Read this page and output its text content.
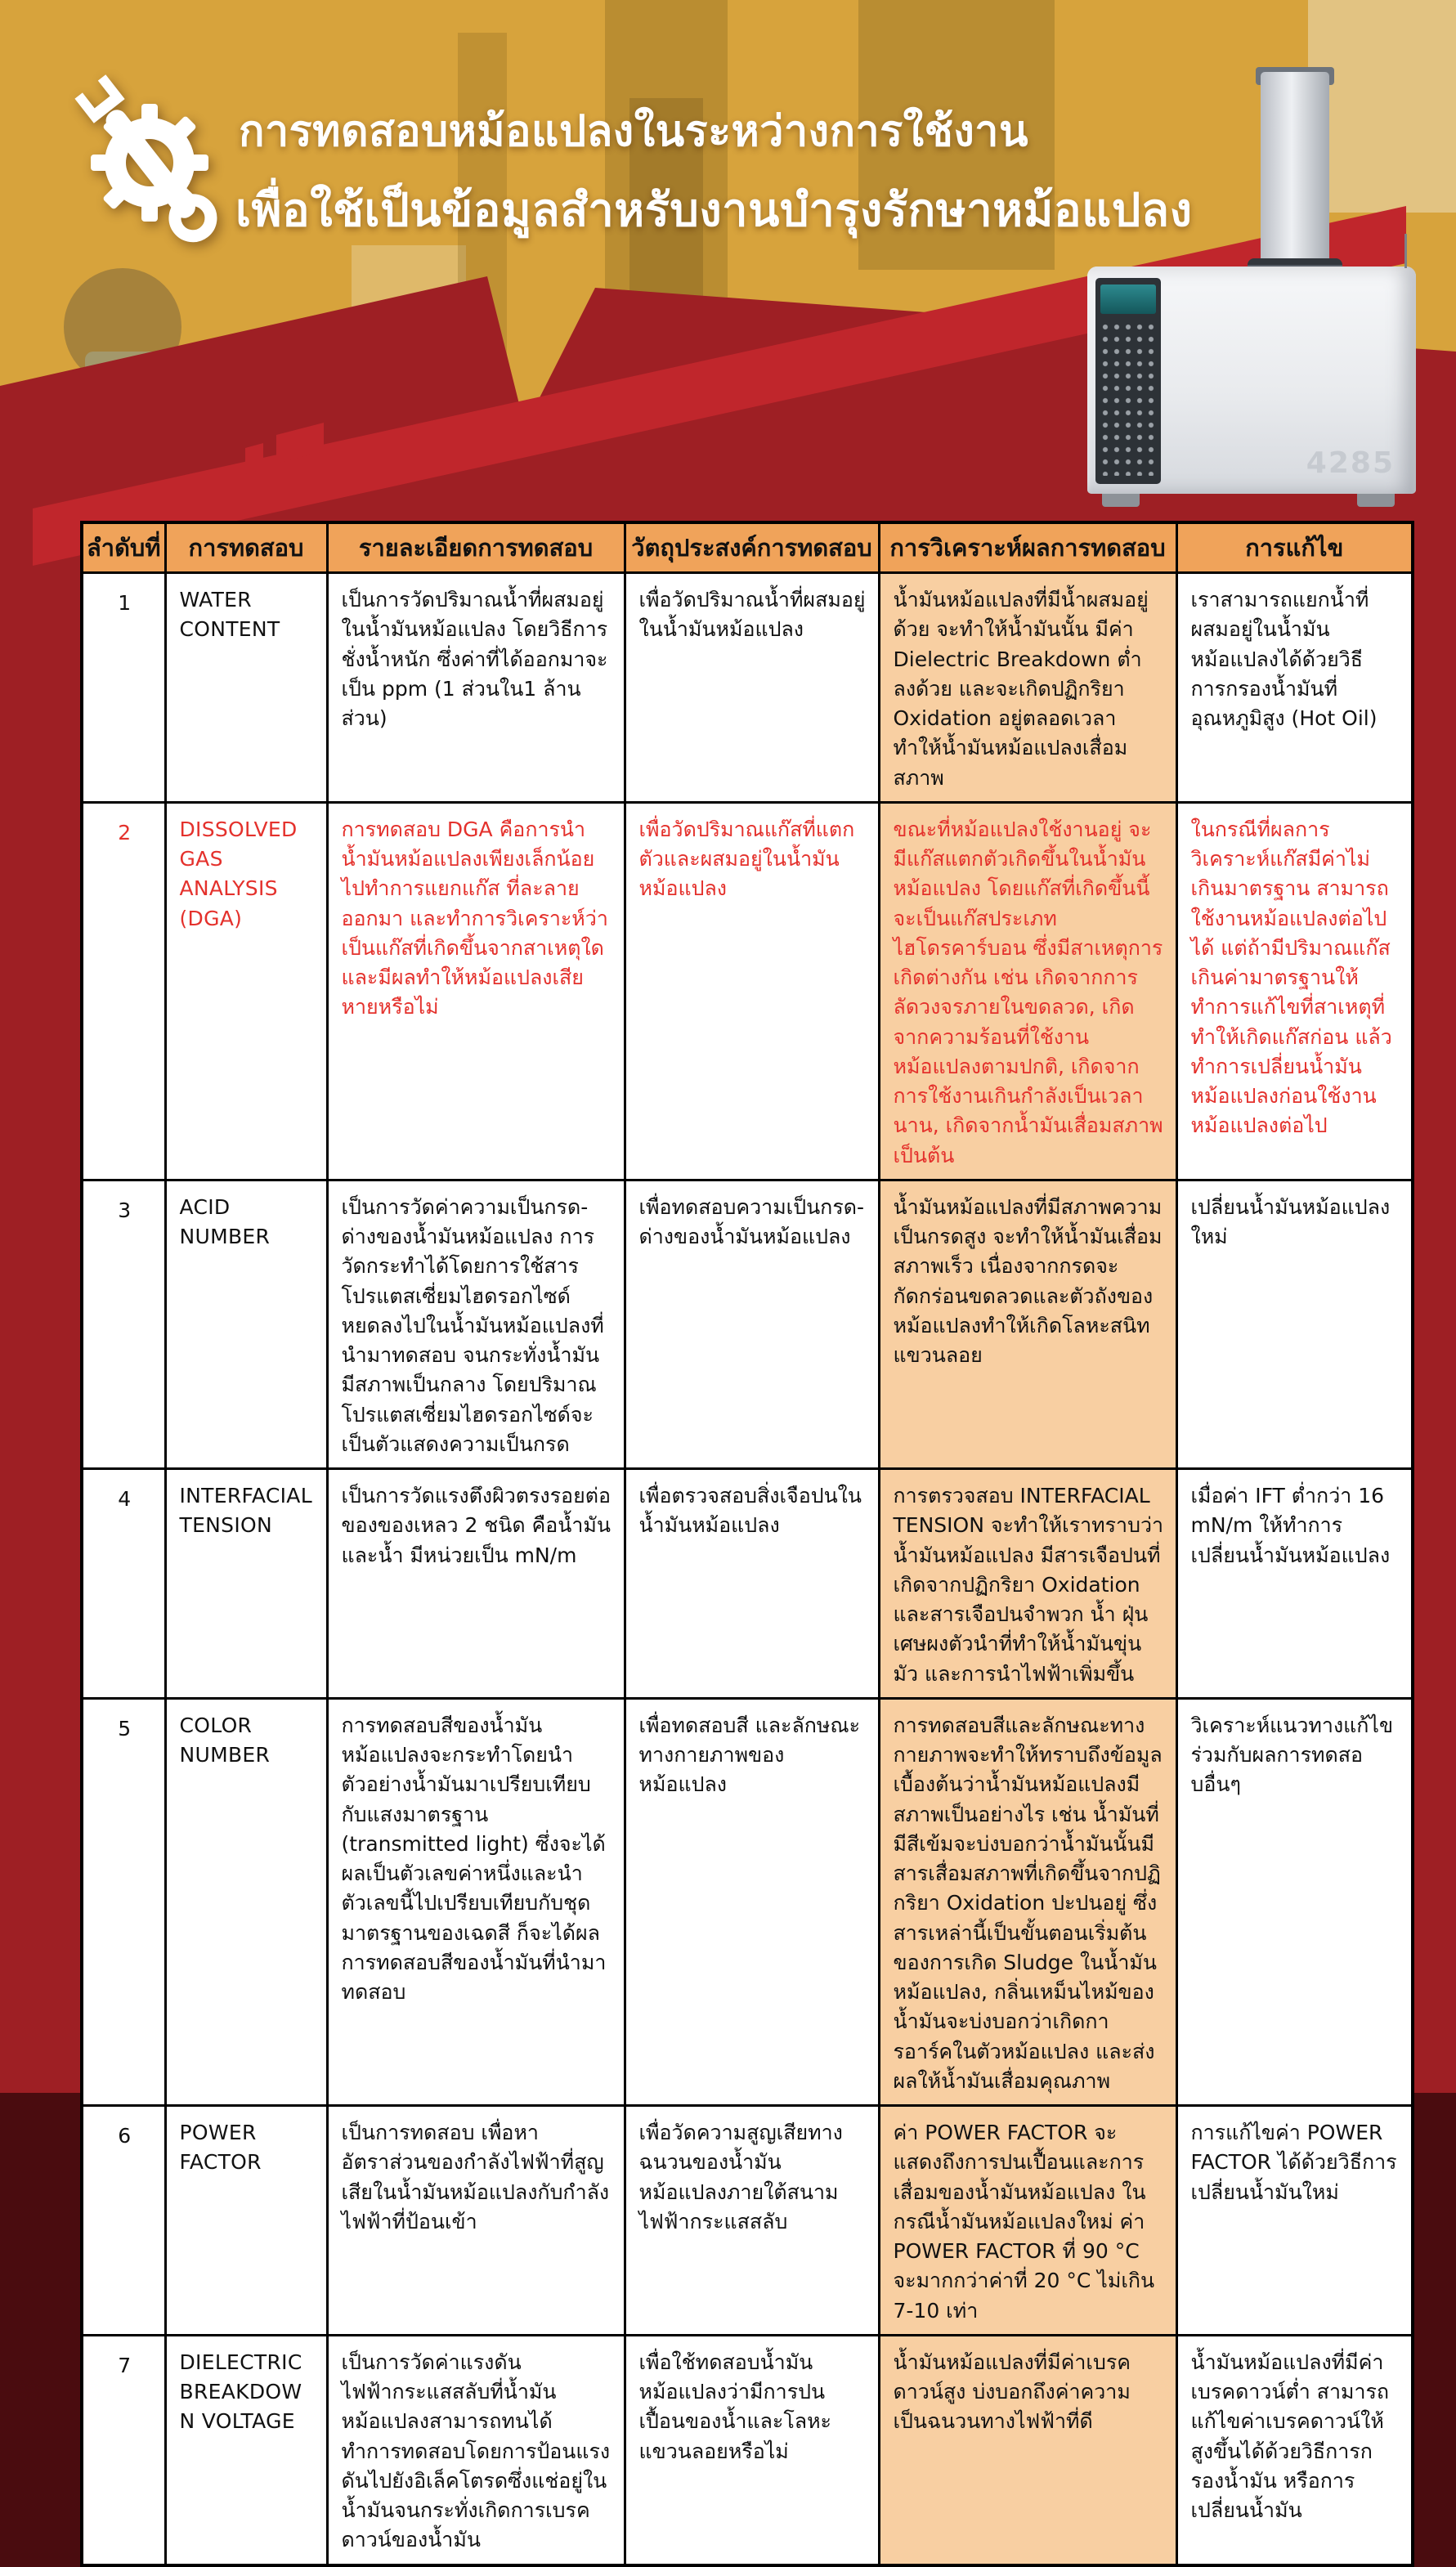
การทดสอบหม้อแปลงในระหว่างการใช้งาน
เพื่อใช้เป็นข้อมูลสำหรับงานบำรุงรักษาหม้อแปลง
4285
ลำดับที่	การทดสอบ	รายละเอียดการทดสอบ	วัตถุประสงค์การทดสอบ	การวิเคราะห์ผลการทดสอบ	การแก้ไข
1	WATER CONTENT	เป็นการวัดปริมาณน้ำที่ผสมอยู่ในน้ำมันหม้อแปลง โดยวิธีการชั่งน้ำหนัก ซึ่งค่าที่ได้ออกมาจะเป็น ppm (1 ส่วนใน1 ล้านส่วน)	เพื่อวัดปริมาณน้ำที่ผสมอยู่ในน้ำมันหม้อแปลง	น้ำมันหม้อแปลงที่มีน้ำผสมอยู่ด้วย จะทำให้น้ำมันนั้น มีค่า Dielectric Breakdown ต่ำลงด้วย และจะเกิดปฏิกริยา Oxidation อยู่ตลอดเวลา ทำให้น้ำมันหม้อแปลงเสื่อมสภาพ	เราสามารถแยกน้ำที่ผสมอยู่ในน้ำมันหม้อแปลงได้ด้วยวิธีการกรองน้ำมันที่อุณหภูมิสูง (Hot Oil)
2	DISSOLVED GAS ANALYSIS (DGA)	การทดสอบ DGA คือการนำน้ำมันหม้อแปลงเพียงเล็กน้อย ไปทำการแยกแก๊ส ที่ละลายออกมา และทำการวิเคราะห์ว่าเป็นแก๊สที่เกิดขึ้นจากสาเหตุใด และมีผลทำให้หม้อแปลงเสียหายหรือไม่	เพื่อวัดปริมาณแก๊สที่แตกตัวและผสมอยู่ในน้ำมันหม้อแปลง	ขณะที่หม้อแปลงใช้งานอยู่ จะมีแก๊สแตกตัวเกิดขึ้นในน้ำมันหม้อแปลง โดยแก๊สที่เกิดขึ้นนี้ จะเป็นแก๊สประเภทไฮโดรคาร์บอน ซึ่งมีสาเหตุการเกิดต่างกัน เช่น เกิดจากการลัดวงจรภายในขดลวด, เกิดจากความร้อนที่ใช้งานหม้อแปลงตามปกติ, เกิดจากการใช้งานเกินกำลังเป็นเวลานาน, เกิดจากน้ำมันเสื่อมสภาพ เป็นต้น	ในกรณีที่ผลการวิเคราะห์แก๊สมีค่าไม่เกินมาตรฐาน สามารถใช้งานหม้อแปลงต่อไปได้ แต่ถ้ามีปริมาณแก๊สเกินค่ามาตรฐานให้ทำการแก้ไขที่สาเหตุที่ทำให้เกิดแก๊สก่อน แล้วทำการเปลี่ยนน้ำมันหม้อแปลงก่อนใช้งานหม้อแปลงต่อไป
3	ACID NUMBER	เป็นการวัดค่าความเป็นกรด-ด่างของน้ำมันหม้อแปลง การวัดกระทำได้โดยการใช้สารโปรแตสเซี่ยมไฮดรอกไซด์ หยดลงไปในน้ำมันหม้อแปลงที่นำมาทดสอบ จนกระทั่งน้ำมันมีสภาพเป็นกลาง โดยปริมาณโปรแตสเซี่ยมไฮดรอกไซด์จะเป็นตัวแสดงความเป็นกรด	เพื่อทดสอบความเป็นกรด-ด่างของน้ำมันหม้อแปลง	น้ำมันหม้อแปลงที่มีสภาพความเป็นกรดสูง จะทำให้น้ำมันเสื่อมสภาพเร็ว เนื่องจากกรดจะกัดกร่อนขดลวดและตัวถังของหม้อแปลงทำให้เกิดโลหะสนิทแขวนลอย	เปลี่ยนน้ำมันหม้อแปลงใหม่
4	INTERFACIAL TENSION	เป็นการวัดแรงตึงผิวตรงรอยต่อของของเหลว 2 ชนิด คือน้ำมันและน้ำ มีหน่วยเป็น mN/m	เพื่อตรวจสอบสิ่งเจือปนในน้ำมันหม้อแปลง	การตรวจสอบ INTERFACIAL TENSION จะทำให้เราทราบว่าน้ำมันหม้อแปลง มีสารเจือปนที่เกิดจากปฏิกริยา Oxidation และสารเจือปนจำพวก น้ำ ฝุ่น เศษผงตัวนำที่ทำให้น้ำมันขุ่นมัว และการนำไฟฟ้าเพิ่มขึ้น	เมื่อค่า IFT ต่ำกว่า 16 mN/m ให้ทำการเปลี่ยนน้ำมันหม้อแปลง
5	COLOR NUMBER	การทดสอบสีของน้ำมันหม้อแปลงจะกระทำโดยนำตัวอย่างน้ำมันมาเปรียบเทียบกับแสงมาตรฐาน (transmitted light) ซึ่งจะได้ผลเป็นตัวเลขค่าหนึ่งและนำตัวเลขนี้ไปเปรียบเทียบกับชุดมาตรฐานของเฉดสี ก็จะได้ผลการทดสอบสีของน้ำมันที่นำมาทดสอบ	เพื่อทดสอบสี และลักษณะทางกายภาพของหม้อแปลง	การทดสอบสีและลักษณะทางกายภาพจะทำให้ทราบถึงข้อมูลเบื้องต้นว่าน้ำมันหม้อแปลงมีสภาพเป็นอย่างไร เช่น น้ำมันที่มีสีเข้มจะบ่งบอกว่าน้ำมันนั้นมีสารเสื่อมสภาพที่เกิดขึ้นจากปฏิกริยา Oxidation ปะปนอยู่ ซึ่งสารเหล่านี้เป็นขั้นตอนเริ่มต้นของการเกิด Sludge ในน้ำมันหม้อแปลง, กลิ่นเหม็นไหม้ของน้ำมันจะบ่งบอกว่าเกิดการอาร์คในตัวหม้อแปลง และส่งผลให้น้ำมันเสื่อมคุณภาพ	วิเคราะห์แนวทางแก้ไขร่วมกับผลการทดสอบอื่นๆ
6	POWER FACTOR	เป็นการทดสอบ เพื่อหาอัตราส่วนของกำลังไฟฟ้าที่สูญเสียในน้ำมันหม้อแปลงกับกำลังไฟฟ้าที่ป้อนเข้า	เพื่อวัดความสูญเสียทางฉนวนของน้ำมันหม้อแปลงภายใต้สนามไฟฟ้ากระแสสลับ	ค่า POWER FACTOR จะแสดงถึงการปนเปื้อนและการเสื่อมของน้ำมันหม้อแปลง ในกรณีน้ำมันหม้อแปลงใหม่ ค่า POWER FACTOR ที่ 90 °C จะมากกว่าค่าที่ 20 °C ไม่เกิน 7-10 เท่า	การแก้ไขค่า POWER FACTOR ได้ด้วยวิธีการเปลี่ยนน้ำมันใหม่
7	DIELECTRIC BREAKDOWN VOLTAGE	เป็นการวัดค่าแรงดันไฟฟ้ากระแสสลับที่น้ำมันหม้อแปลงสามารถทนได้ ทำการทดสอบโดยการป้อนแรงดันไปยังอิเล็คโตรดซึ่งแช่อยู่ในน้ำมันจนกระทั่งเกิดการเบรคดาวน์ของน้ำมัน	เพื่อใช้ทดสอบน้ำมันหม้อแปลงว่ามีการปนเปื้อนของน้ำและโลหะแขวนลอยหรือไม่	น้ำมันหม้อแปลงที่มีค่าเบรคดาวน์สูง บ่งบอกถึงค่าความเป็นฉนวนทางไฟฟ้าที่ดี	น้ำมันหม้อแปลงที่มีค่าเบรคดาวน์ต่ำ สามารถแก้ไขค่าเบรคดาวน์ให้สูงขึ้นได้ด้วยวิธีการกรองน้ำมัน หรือการเปลี่ยนน้ำมัน
